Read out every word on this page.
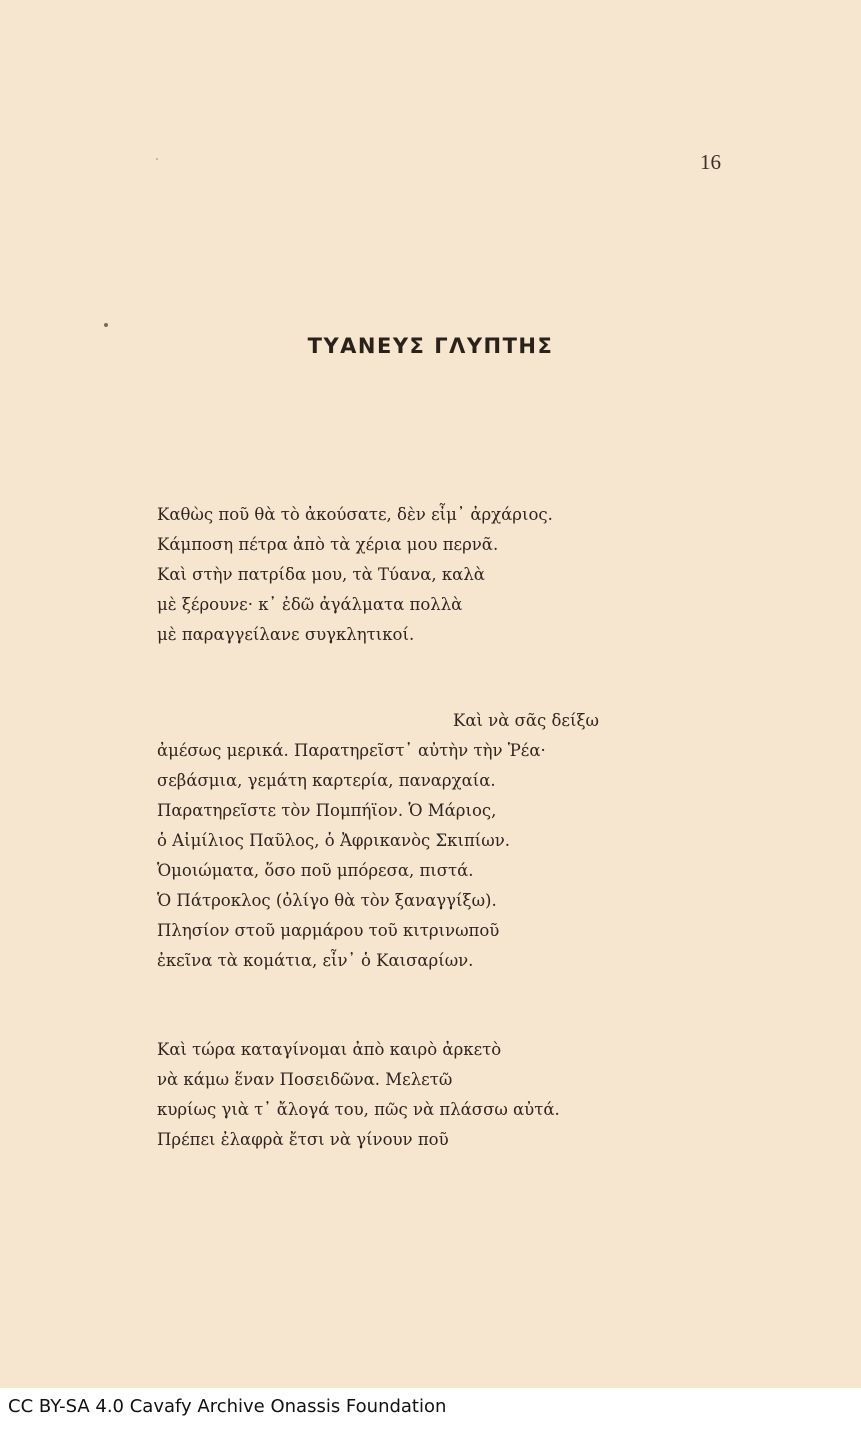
16
ΤΥΑΝΕΥΣ ΓΛΥΠΤΗΣ
Καθὼς ποῦ θὰ τὸ ἀκούσατε, δὲν εἶμ᾿ ἀρχάριος.
Κάμποση πέτρα ἀπὸ τὰ χέρια μου περνᾶ.
Καὶ στὴν πατρίδα μου, τὰ Τύανα, καλὰ
μὲ ξέρουνε· κ᾿ ἐδῶ ἀγάλματα πολλὰ
μὲ παραγγείλανε συγκλητικοί.
Καὶ νὰ σᾶς δείξω
ἀμέσως μερικά. Παρατηρεῖστ᾿ αὐτὴν τὴν Ῥέα·
σεβάσμια, γεμάτη καρτερία, παναρχαία.
Παρατηρεῖστε τὸν Πομπήϊον. Ὁ Μάριος,
ὁ Αἰμίλιος Παῦλος, ὁ Ἀφρικανὸς Σκιπίων.
Ὁμοιώματα, ὅσο ποῦ μπόρεσα, πιστά.
Ὁ Πάτροκλος (ὀλίγο θὰ τὸν ξαναγγίξω).
Πλησίον στοῦ μαρμάρου τοῦ κιτρινωποῦ
ἐκεῖνα τὰ κομάτια, εἶν᾿ ὁ Καισαρίων.
Καὶ τώρα καταγίνομαι ἀπὸ καιρὸ ἀρκετὸ
νὰ κάμω ἕναν Ποσειδῶνα. Μελετῶ
κυρίως γιὰ τ᾿ ἄλογά του, πῶς νὰ πλάσσω αὐτά.
Πρέπει ἐλαφρὰ ἔτσι νὰ γίνουν ποῦ
CC BY-SA 4.0 Cavafy Archive Onassis Foundation
